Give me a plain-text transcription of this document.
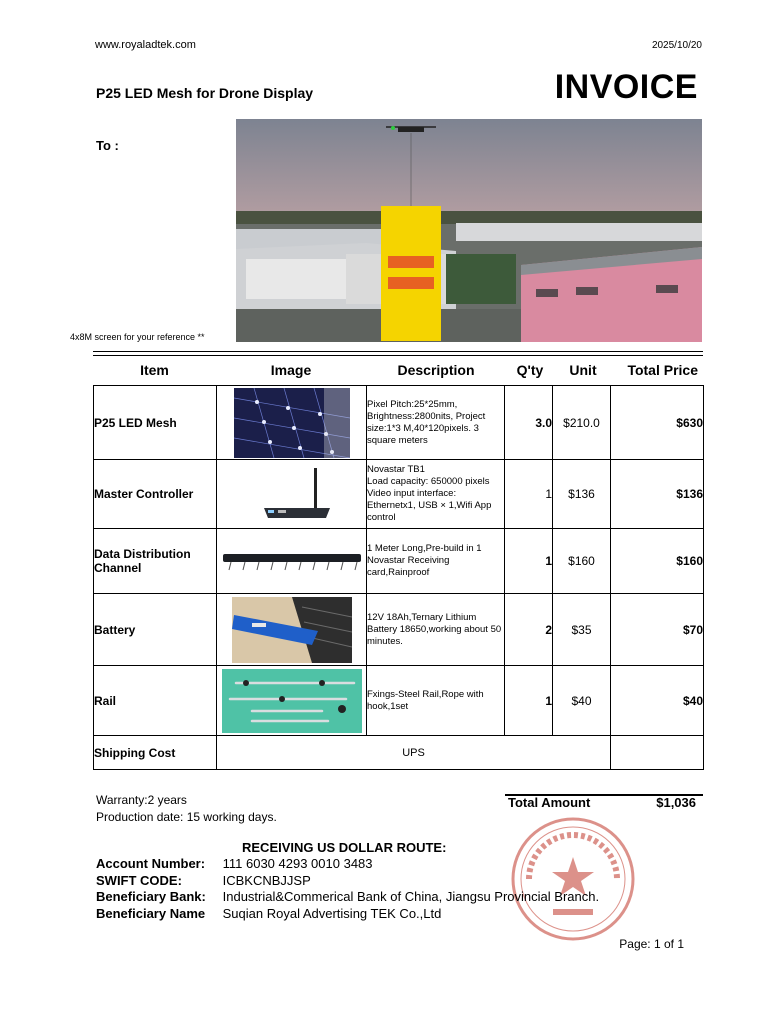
www.royaladtek.com	2025/10/20
P25 LED Mesh for Drone Display	INVOICE
To :
4x8M screen for your reference **
Item	Image	Description	Q'ty	Unit	Total Price
P25 LED Mesh		Pixel Pitch:25*25mm, Brightness:2800nits, Project size:1*3 M,40*120pixels. 3 square meters	3.0	$210.0	$630
Master Controller		Novastar TB1
Load capacity: 650000 pixels
Video input interface: Ethernetx1, USB × 1,Wifi App control	1	$136	$136
Data Distribution Channel		1 Meter Long,Pre-build in 1 Novastar Receiving card,Rainproof	1	$160	$160
Battery		12V 18Ah,Ternary Lithium Battery 18650,working about 50 minutes.	2	$35	$70
Rail		Fxings-Steel Rail,Rope with hook,1set	1	$40	$40
Shipping Cost	UPS				
Warranty:2 years
Production date: 15 working days.
Total Amount	$1,036
RECEIVING US DOLLAR ROUTE:
Account Number: 111 6030 4293 0010 3483
SWIFT CODE:	ICBKCNBJJSP
Beneficiary Bank: Industrial&Commerical Bank of China, Jiangsu Provincial Branch.
Beneficiary Name Suqian Royal Advertising TEK Co.,Ltd
Page: 1 of 1
